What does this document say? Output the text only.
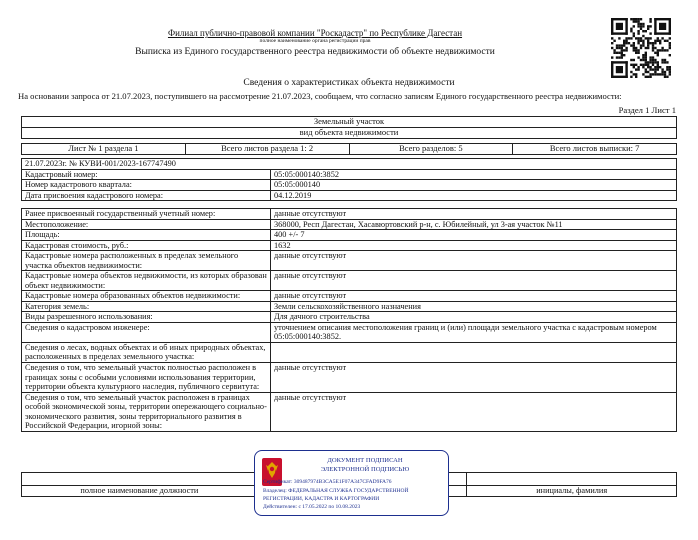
Филиал публично-правовой компании "Роскадастр" по Республике Дагестан
полное наименование органа регистрации прав
Выписка из Единого государственного реестра недвижимости об объекте недвижимости
Сведения о характеристиках объекта недвижимости
На основании запроса от 21.07.2023, поступившего на рассмотрение 21.07.2023, сообщаем, что согласно записям Единого государственного реестра недвижимости:
Раздел 1 Лист 1
Земельный участок
вид объекта недвижимости
Лист № 1 раздела 1	Всего листов раздела 1: 2	Всего разделов: 5	Всего листов выписки: 7
21.07.2023г. № КУВИ-001/2023-167747490	
Кадастровый номер:	05:05:000140:3852
Номер кадастрового квартала:	05:05:000140
Дата присвоения кадастрового номера:	04.12.2019
Ранее присвоенный государственный учетный номер:	данные отсутствуют
Местоположение:	368000, Респ Дагестан, Хасавюртовский р-н, с. Юбилейный, ул 3-ая участок №11
Площадь:	400 +/- 7
Кадастровая стоимость, руб.:	1632
Кадастровые номера расположенных в пределах земельного участка объектов недвижимости:	данные отсутствуют
Кадастровые номера объектов недвижимости, из которых образован объект недвижимости:	данные отсутствуют
Кадастровые номера образованных объектов недвижимости:	данные отсутствуют
Категория земель:	Земли сельскохозяйственного назначения
Виды разрешенного использования:	Для дачного строительства
Сведения о кадастровом инженере:	уточнением описания местоположения границ и (или) площади земельного участка с кадастровым номером 05:05:000140:3852.
Сведения о лесах, водных объектах и об иных природных объектах, расположенных в пределах земельного участка:	
Сведения о том, что земельный участок полностью расположен в границах зоны с особыми условиями использования территории, территории объекта культурного наследия, публичного сервитута:	данные отсутствуют
Сведения о том, что земельный участок расположен в границах особой экономической зоны, территории опережающего социально-экономического развития, зоны территориального развития в Российской Федерации, игорной зоны:	данные отсутствуют

полное наименование должности		инициалы, фамилия
ДОКУМЕНТ ПОДПИСАН
ЭЛЕКТРОННОЙ ПОДПИСЬЮ
Сертификат: 309487974B3CA5E1F07A347CFAD9FA76
Владелец: ФЕДЕРАЛЬНАЯ СЛУЖБА ГОСУДАРСТВЕННОЙ
РЕГИСТРАЦИИ, КАДАСТРА И КАРТОГРАФИИ
Действителен: с 17.05.2022 по 10.08.2023
